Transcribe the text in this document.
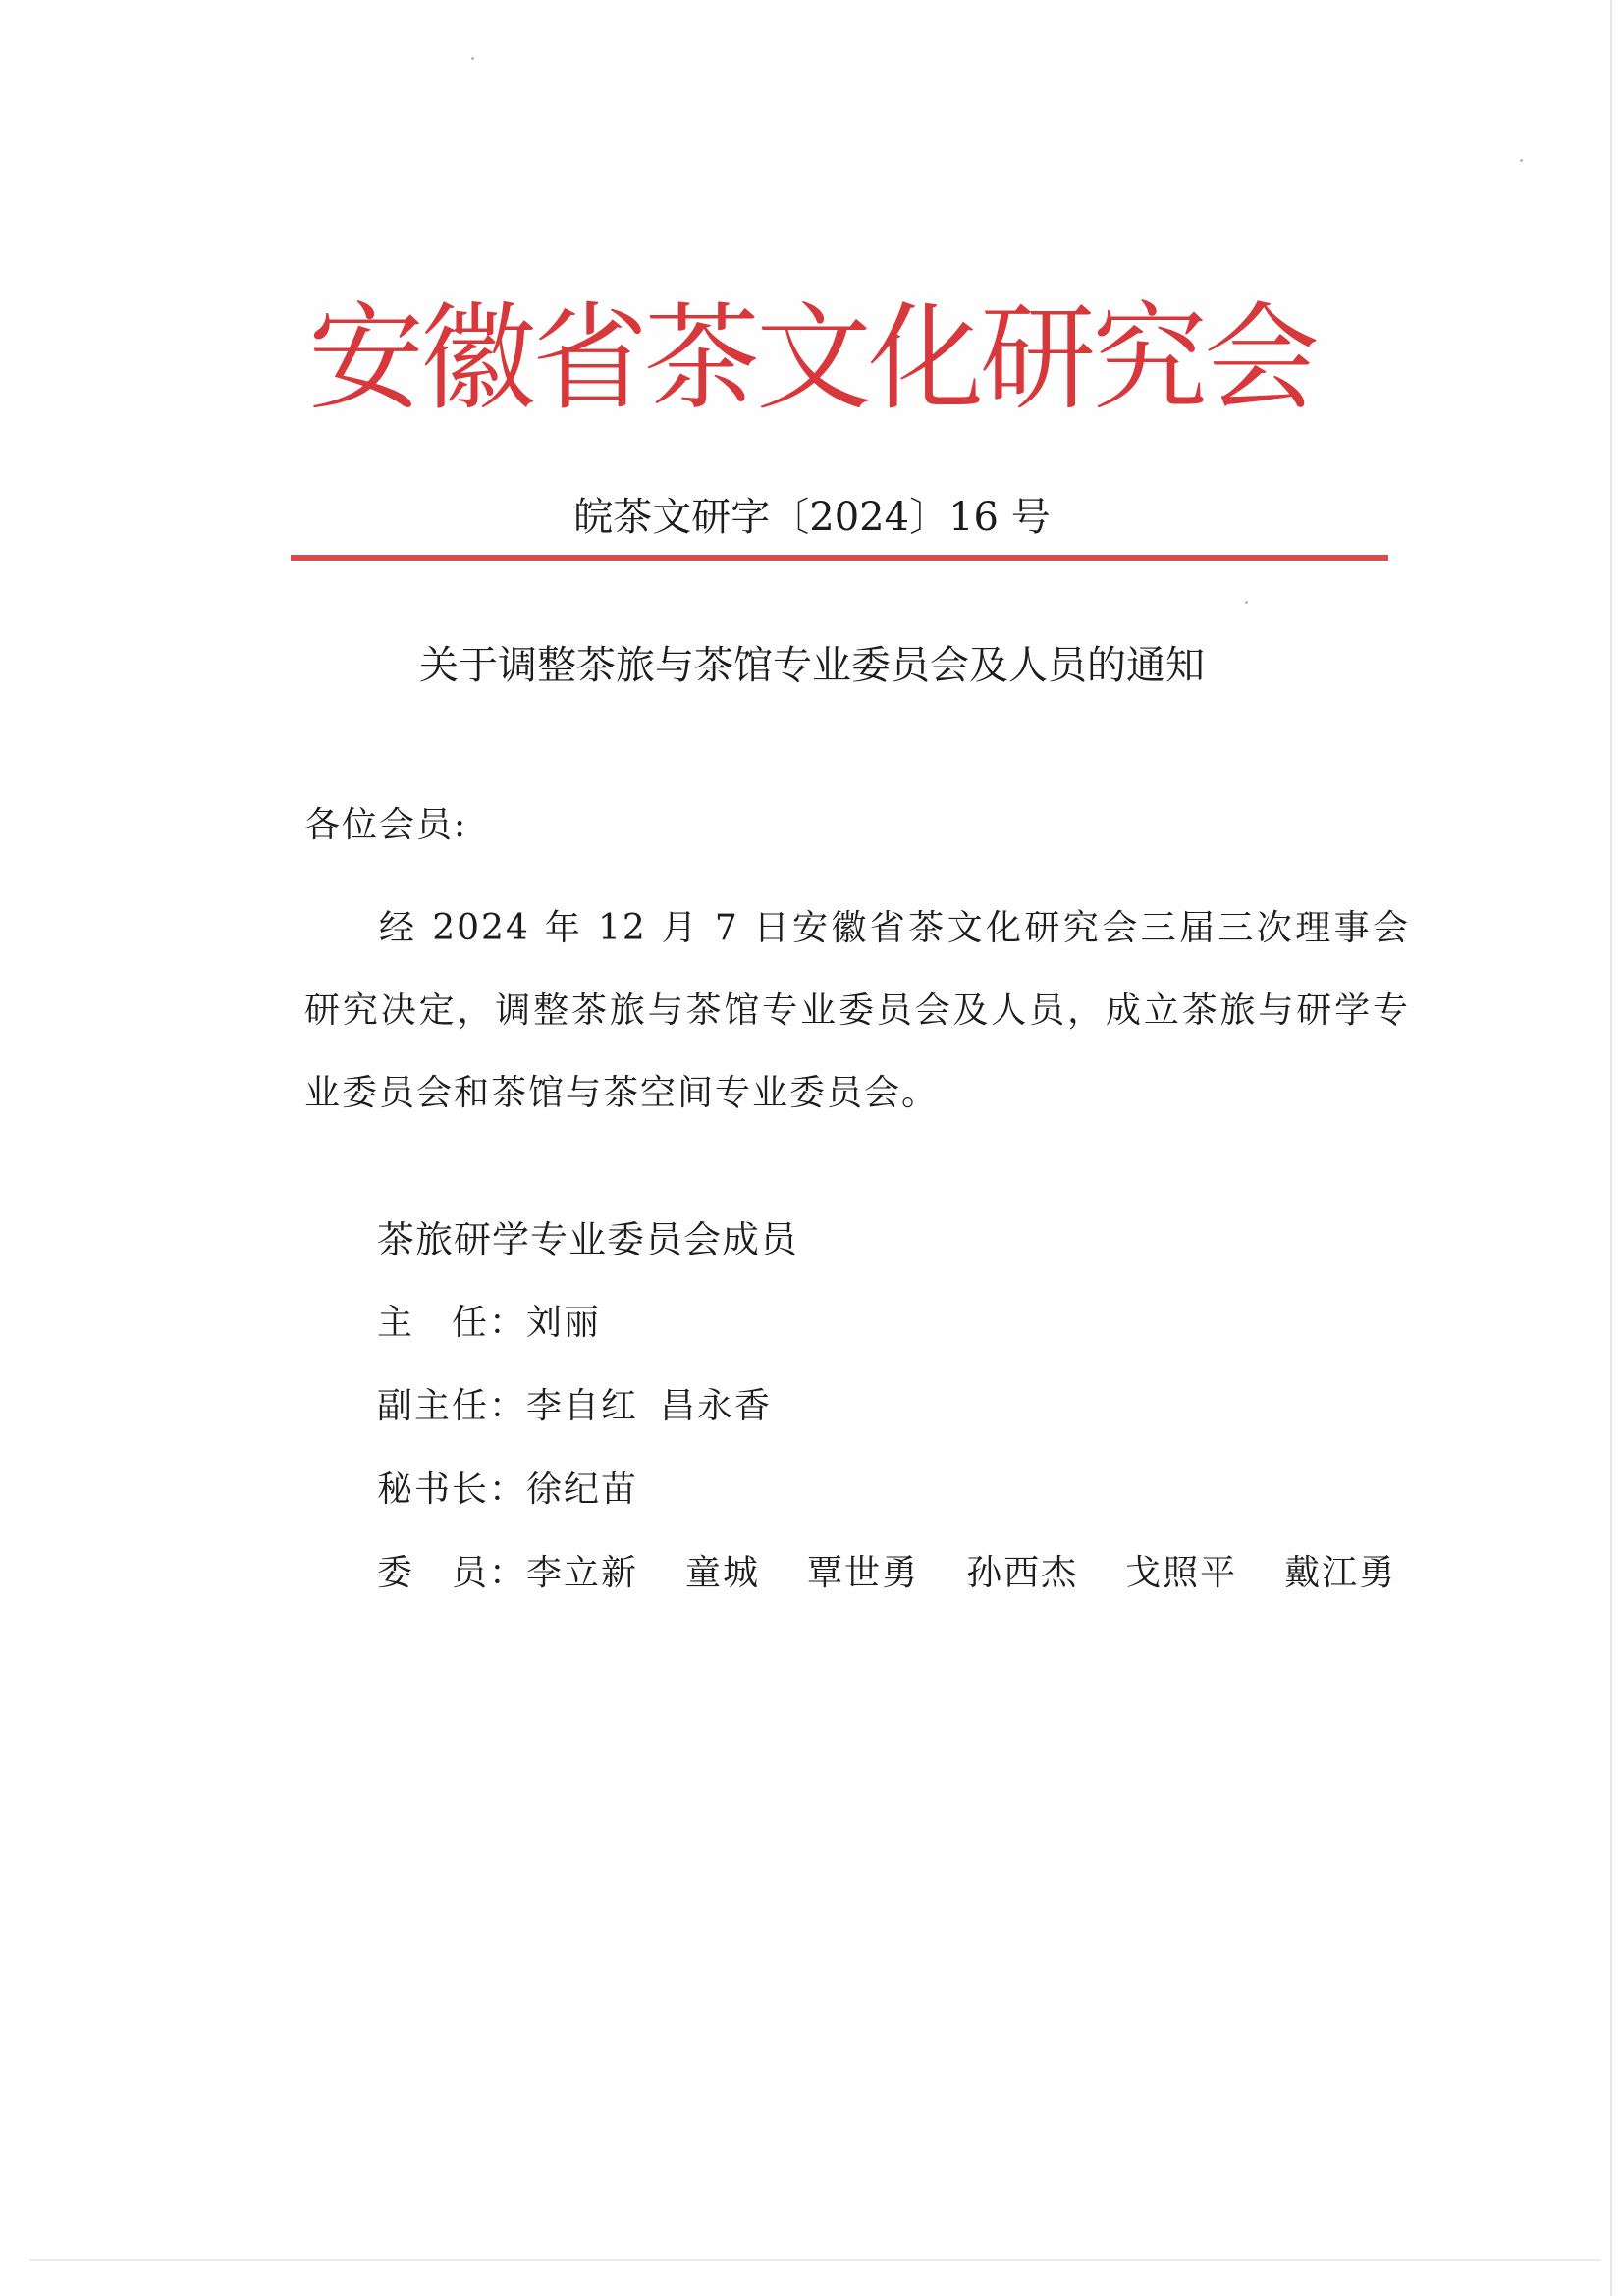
安徽省茶文化研究会
皖茶文研字〔2024〕16 号
关于调整茶旅与茶馆专业委员会及人员的通知
各位会员:
经 2024 年 12 月 7 日安徽省茶文化研究会三届三次理事会研究决定，调整茶旅与茶馆专业委员会及人员，成立茶旅与研学专业委员会和茶馆与茶空间专业委员会。
茶旅研学专业委员会成员
主　任：刘丽
副主任：李自红 昌永香
秘书长：徐纪苗
委　员：李立新 童城 覃世勇 孙西杰 戈照平 戴江勇
